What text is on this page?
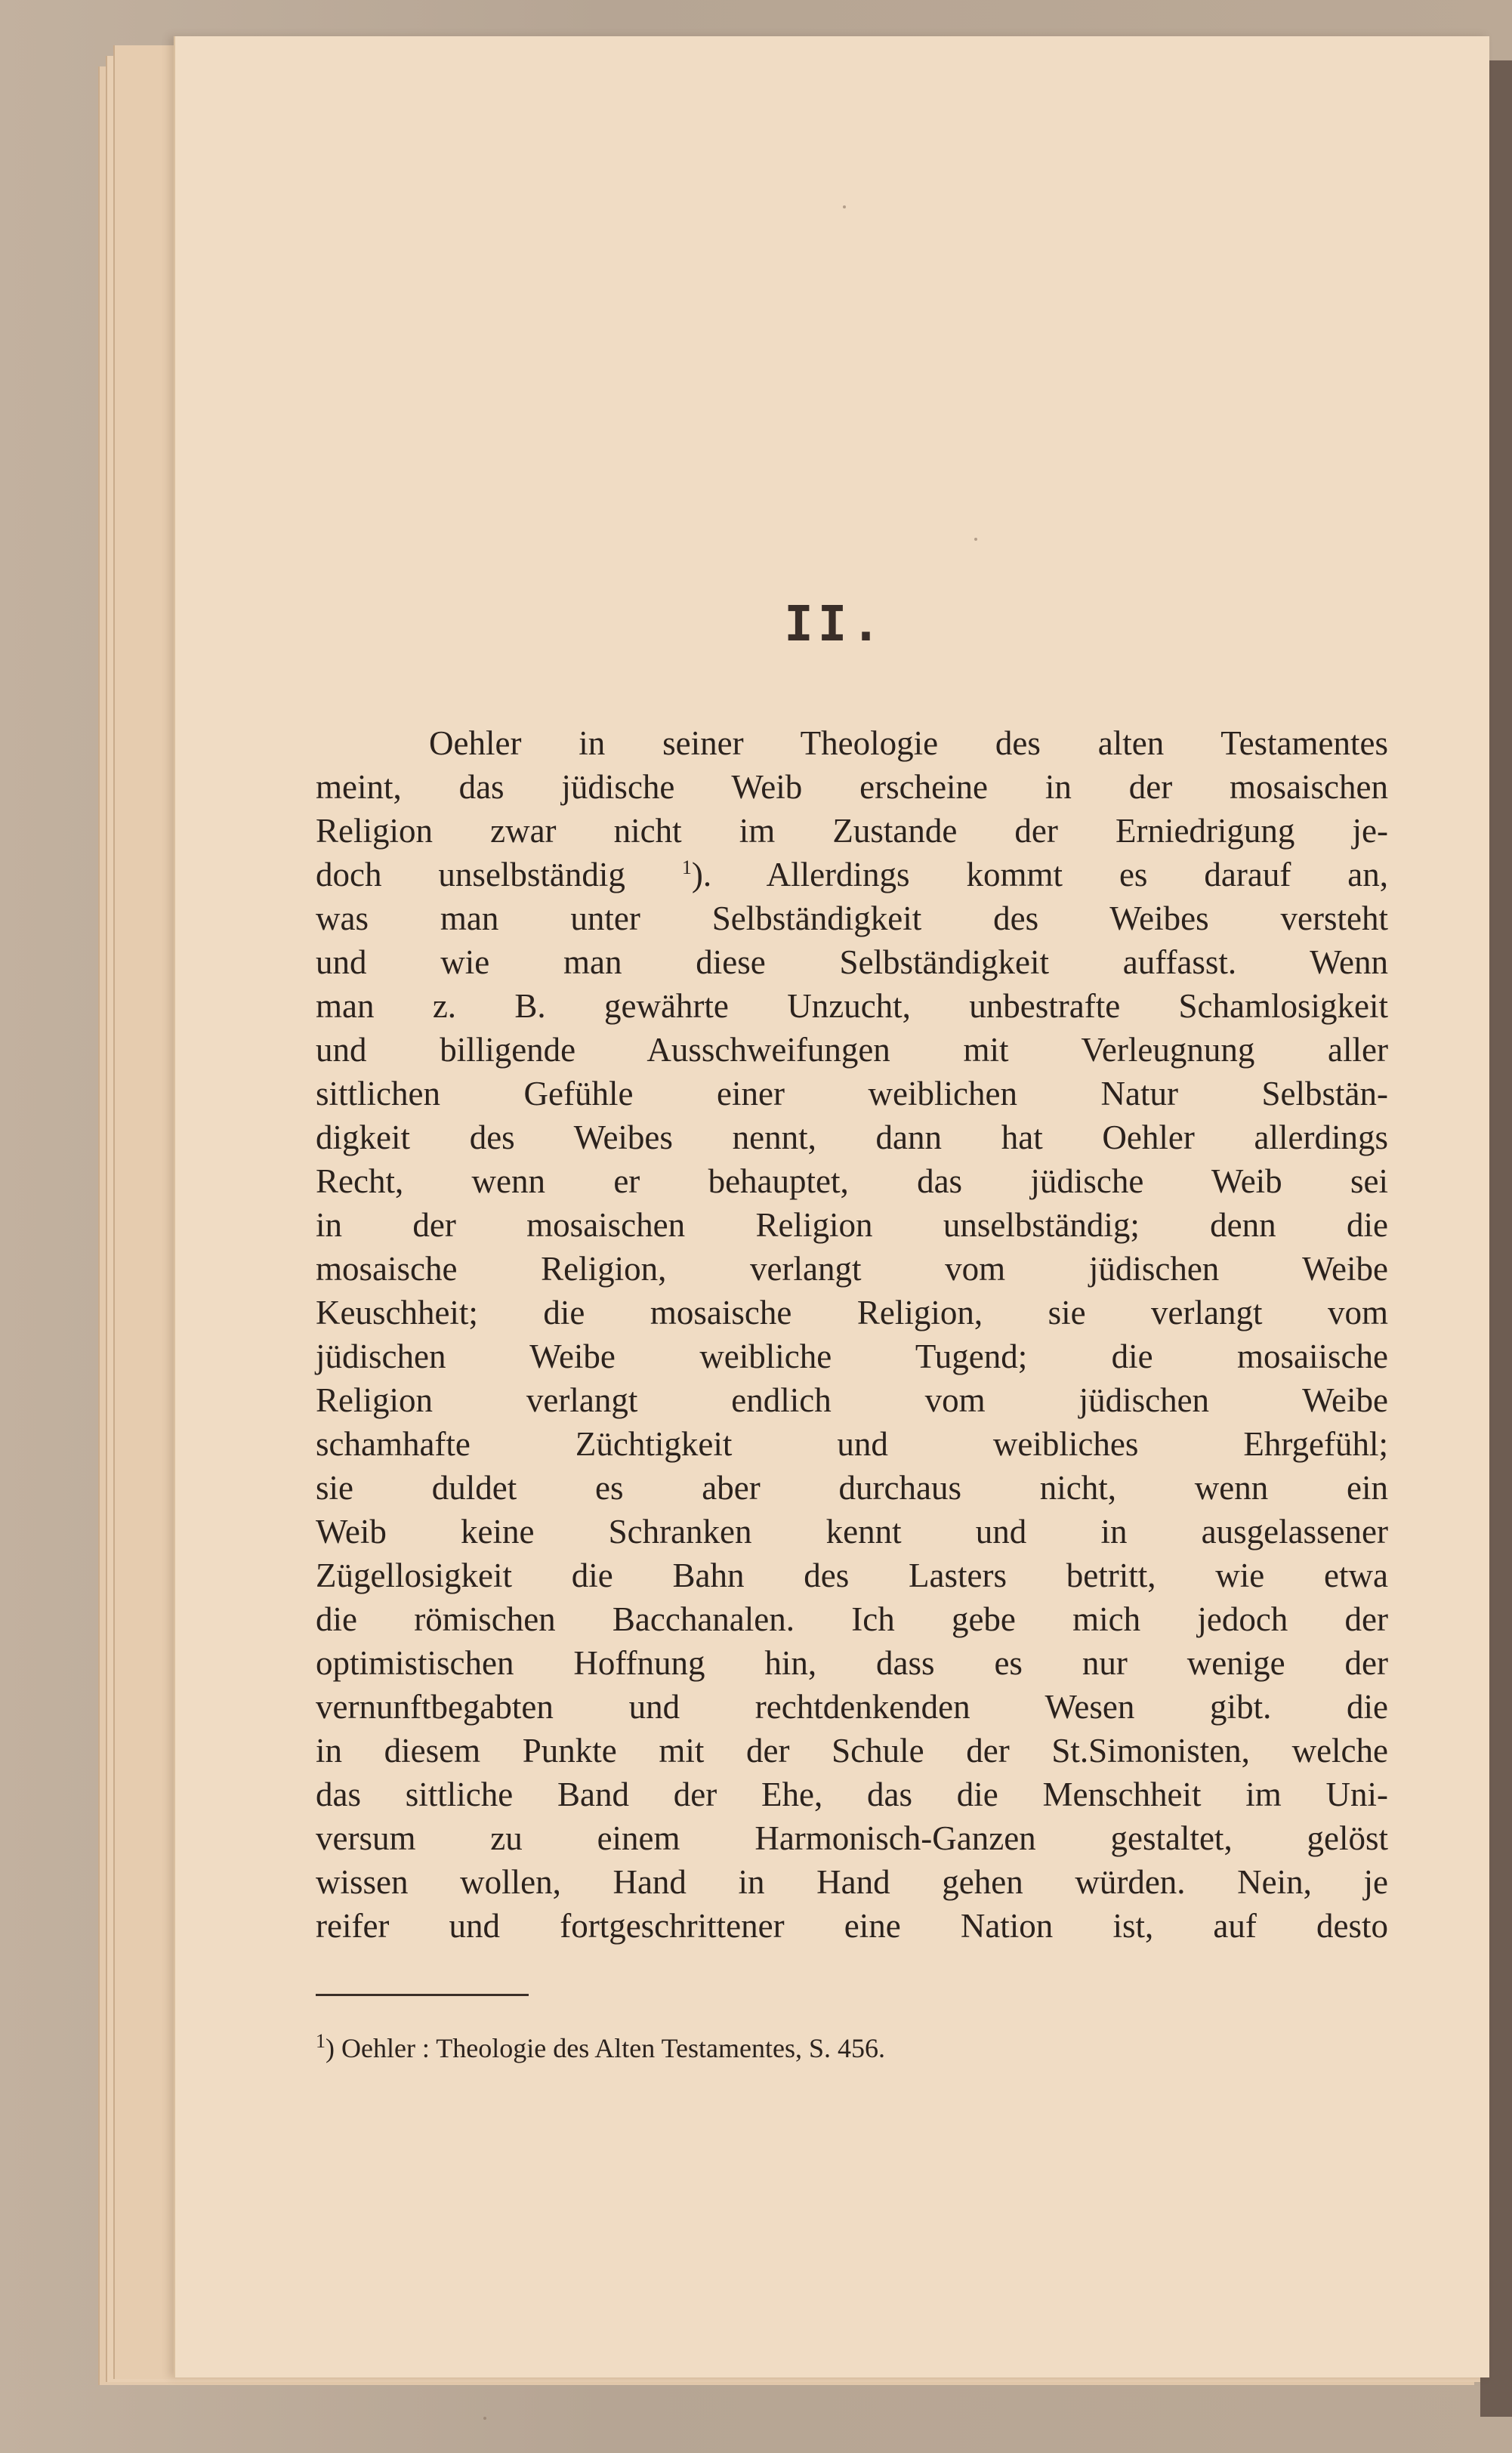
II.
Oehler in seiner Theologie des alten Testamentes
meint, das jüdische Weib erscheine in der mosaischen
Religion zwar nicht im Zustande der Erniedrigung je-
doch unselbständig $^1$). Allerdings kommt es darauf an,
was man unter Selbständigkeit des Weibes versteht
und wie man diese Selbständigkeit auffasst. Wenn
man z. B. gewährte Unzucht, unbestrafte Schamlosigkeit
und billigende Ausschweifungen mit Verleugnung aller
sittlichen Gefühle einer weiblichen Natur Selbstän-
digkeit des Weibes nennt, dann hat Oehler allerdings
Recht, wenn er behauptet, das jüdische Weib sei
in der mosaischen Religion unselbständig; denn die
mosaische Religion, verlangt vom jüdischen Weibe
Keuschheit; die mosaische Religion, sie verlangt vom
jüdischen Weibe weibliche Tugend; die mosaiische
Religion verlangt endlich vom jüdischen Weibe
schamhafte Züchtigkeit und weibliches Ehrgefühl;
sie duldet es aber durchaus nicht, wenn ein
Weib keine Schranken kennt und in ausgelassener
Zügellosigkeit die Bahn des Lasters betritt, wie etwa
die römischen Bacchanalen. Ich gebe mich jedoch der
optimistischen Hoffnung hin, dass es nur wenige der
vernunftbegabten und rechtdenkenden Wesen gibt. die
in diesem Punkte mit der Schule der St.Simonisten, welche
das sittliche Band der Ehe, das die Menschheit im Uni-
versum zu einem Harmonisch-Ganzen gestaltet, gelöst
wissen wollen, Hand in Hand gehen würden. Nein, je
reifer und fortgeschrittener eine Nation ist, auf desto
$^1$) Oehler : Theologie des Alten Testamentes, S. 456.
